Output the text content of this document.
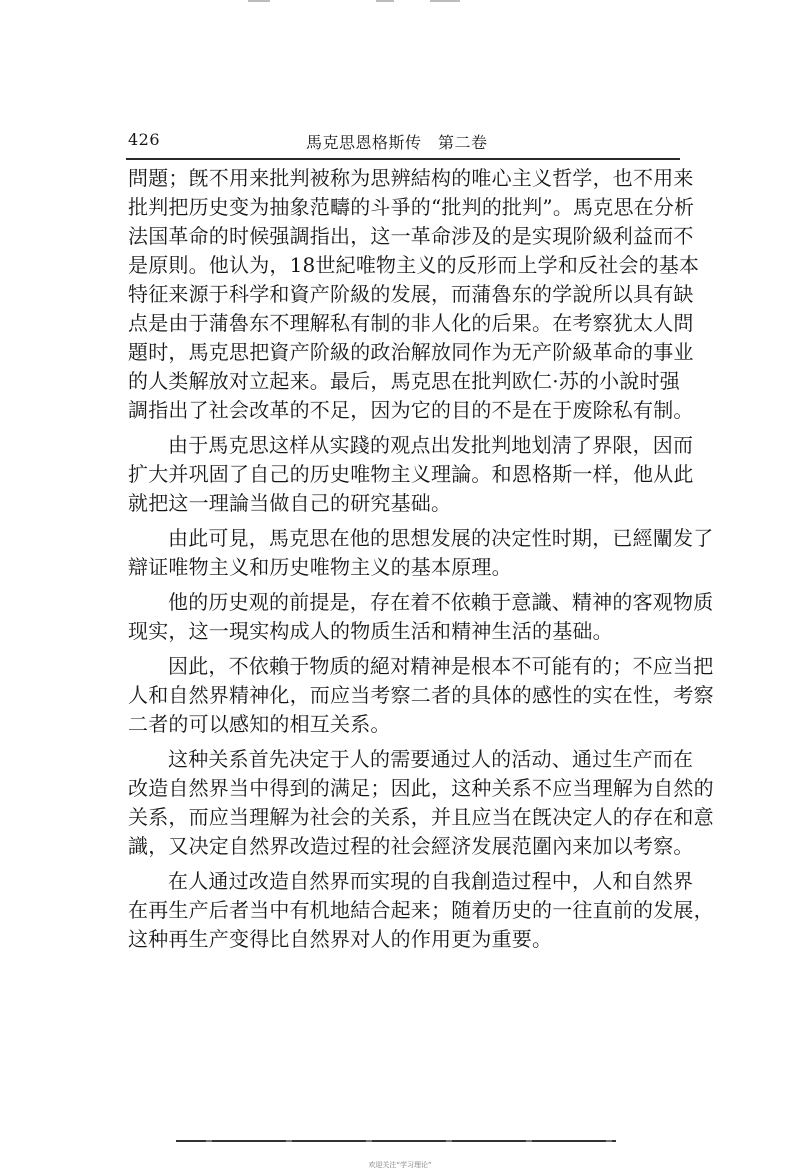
426	馬克思恩格斯传　第二卷
問題；旣不用来批判被称为思辨結构的唯心主义哲学，也不用来
批判把历史变为抽象范疇的斗爭的“批判的批判”。馬克思在分析
法国革命的时候强調指出，这一革命涉及的是实現阶級利益而不
是原則。他认为，18世紀唯物主义的反形而上学和反社会的基本
特征来源于科学和資产阶級的发展，而蒲魯东的学說所以具有缺
点是由于蒲魯东不理解私有制的非人化的后果。在考察犹太人問
題时，馬克思把資产阶級的政治解放同作为无产阶級革命的事业
的人类解放对立起来。最后，馬克思在批判欧仁·苏的小說时强
調指出了社会改革的不足，因为它的目的不是在于废除私有制。
由于馬克思这样从实踐的观点出发批判地划淸了界限，因而
扩大并巩固了自己的历史唯物主义理論。和恩格斯一样，他从此
就把这一理論当做自己的研究基础。
由此可見，馬克思在他的思想发展的决定性时期，已經闡发了
辯证唯物主义和历史唯物主义的基本原理。
他的历史观的前提是，存在着不依賴于意識、精神的客观物质
现实，这一現实构成人的物质生活和精神生活的基础。
因此，不依賴于物质的絕对精神是根本不可能有的；不应当把
人和自然界精神化，而应当考察二者的具体的感性的实在性，考察
二者的可以感知的相互关系。
这种关系首先决定于人的需要通过人的活动、通过生产而在
改造自然界当中得到的满足；因此，这种关系不应当理解为自然的
关系，而应当理解为社会的关系，并且应当在旣决定人的存在和意
識，又决定自然界改造过程的社会經济发展范圍內来加以考察。
在人通过改造自然界而实現的自我創造过程中，人和自然界
在再生产后者当中有机地結合起来；随着历史的一往直前的发展，
这种再生产变得比自然界对人的作用更为重要。
欢迎关注“学习理论”
